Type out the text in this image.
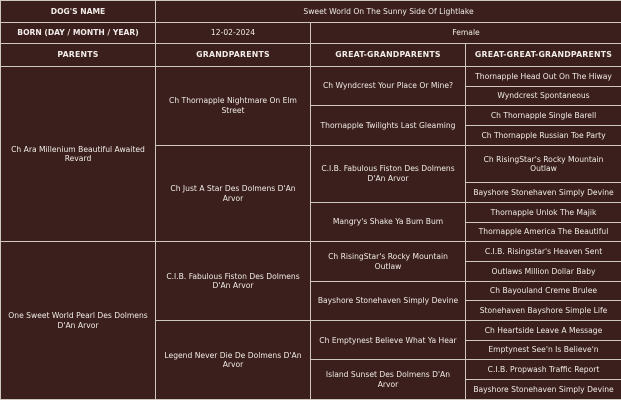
DOG'S NAME	Sweet World On The Sunny Side Of Lightlake		
BORN (DAY / MONTH / YEAR)	12-02-2024	Female	
PARENTS	GRANDPARENTS	GREAT-GRANDPARENTS	GREAT-GREAT-GRANDPARENTS
Ch Ara Millenium Beautiful Awaited Revard	Ch Thornapple Nightmare On Elm Street	Ch Wyndcrest Your Place Or Mine?	Thornapple Head Out On The Hiway
			Wyndcrest Spontaneous
		Thornapple Twilights Last Gleaming	Ch Thornapple Single Barell
			Ch Thornapple Russian Toe Party
	Ch Just A Star Des Dolmens D'An Arvor	C.I.B. Fabulous Fiston Des Dolmens D'An Arvor	Ch RisingStar's Rocky Mountain Outlaw
			Bayshore Stonehaven Simply Devine
		Mangry's Shake Ya Bum Bum	Thornapple Unlok The Majik
			Thornapple America The Beautiful
One Sweet World Pearl Des Dolmens D'An Arvor	C.I.B. Fabulous Fiston Des Dolmens D'An Arvor	Ch RisingStar's Rocky Mountain Outlaw	C.I.B. Risingstar's Heaven Sent
			Outlaws Million Dollar Baby
		Bayshore Stonehaven Simply Devine	Ch Bayouland Creme Brulee
			Stonehaven Bayshore Simple Life
	Legend Never Die De Dolmens D'An Arvor	Ch Emptynest Believe What Ya Hear	Ch Heartside Leave A Message
			Emptynest See'n Is Believe'n
		Island Sunset Des Dolmens D'An Arvor	C.I.B. Propwash Traffic Report
			Bayshore Stonehaven Simply Devine
